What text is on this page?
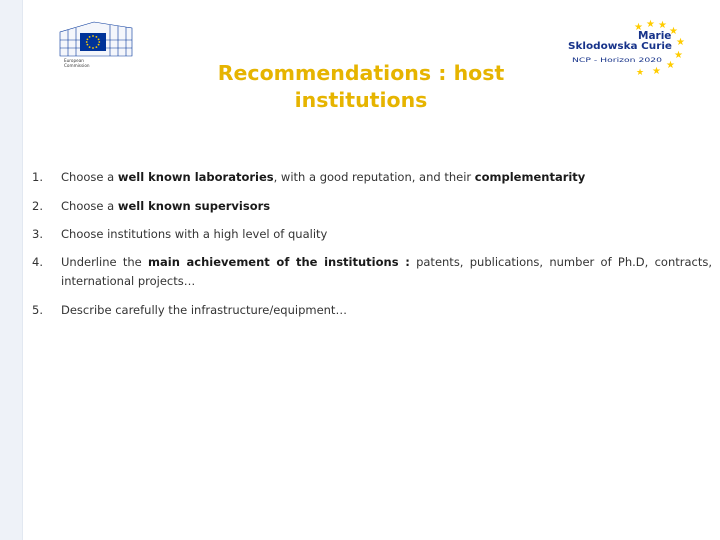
European
Commission
★ ★ ★
★
★
★
★
★
★
Marie
Sklodowska Curie
NCP - Horizon 2020
Recommendations : host
institutions
1.	Choose a well known laboratories, with a good reputation, and their complementarity
2.	Choose a well known supervisors
3.	Choose institutions with a high level of quality
4.	Underline the main achievement of the institutions : patents, publications, number of Ph.D, contracts, international projects…
5.	Describe carefully the infrastructure/equipment…
